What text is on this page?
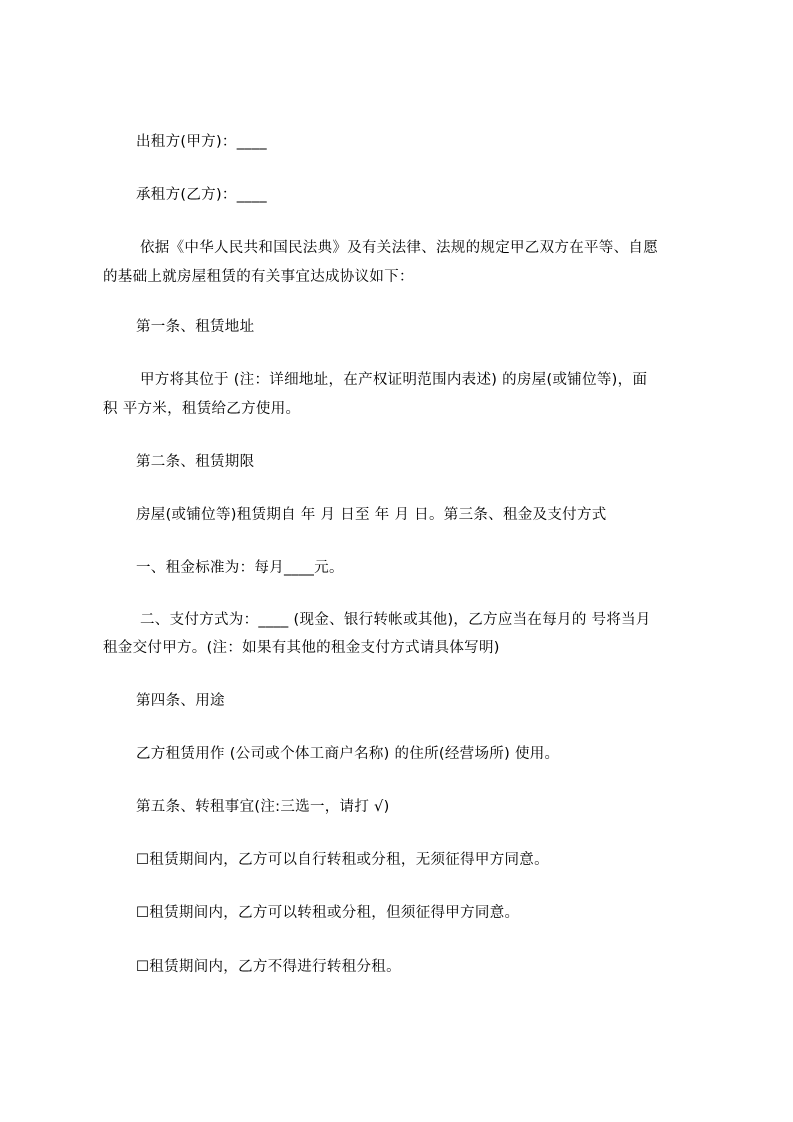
出租方(甲方)：____
承租方(乙方)：____
依据《中华人民共和国民法典》及有关法律、法规的规定甲乙双方在平等、自愿
的基础上就房屋租赁的有关事宜达成协议如下：
第一条、租赁地址
甲方将其位于 (注：详细地址，在产权证明范围内表述) 的房屋(或铺位等)，面
积 平方米，租赁给乙方使用。
第二条、租赁期限
房屋(或铺位等)租赁期自 年 月 日至 年 月 日。第三条、租金及支付方式
一、租金标准为：每月____元。
二、支付方式为：____ (现金、银行转帐或其他)，乙方应当在每月的 号将当月
租金交付甲方。(注：如果有其他的租金支付方式请具体写明)
第四条、用途
乙方租赁用作 (公司或个体工商户名称) 的住所(经营场所) 使用。
第五条、转租事宜(注:三选一，请打 √)
☐租赁期间内，乙方可以自行转租或分租，无须征得甲方同意。
☐租赁期间内，乙方可以转租或分租，但须征得甲方同意。
☐租赁期间内，乙方不得进行转租分租。
